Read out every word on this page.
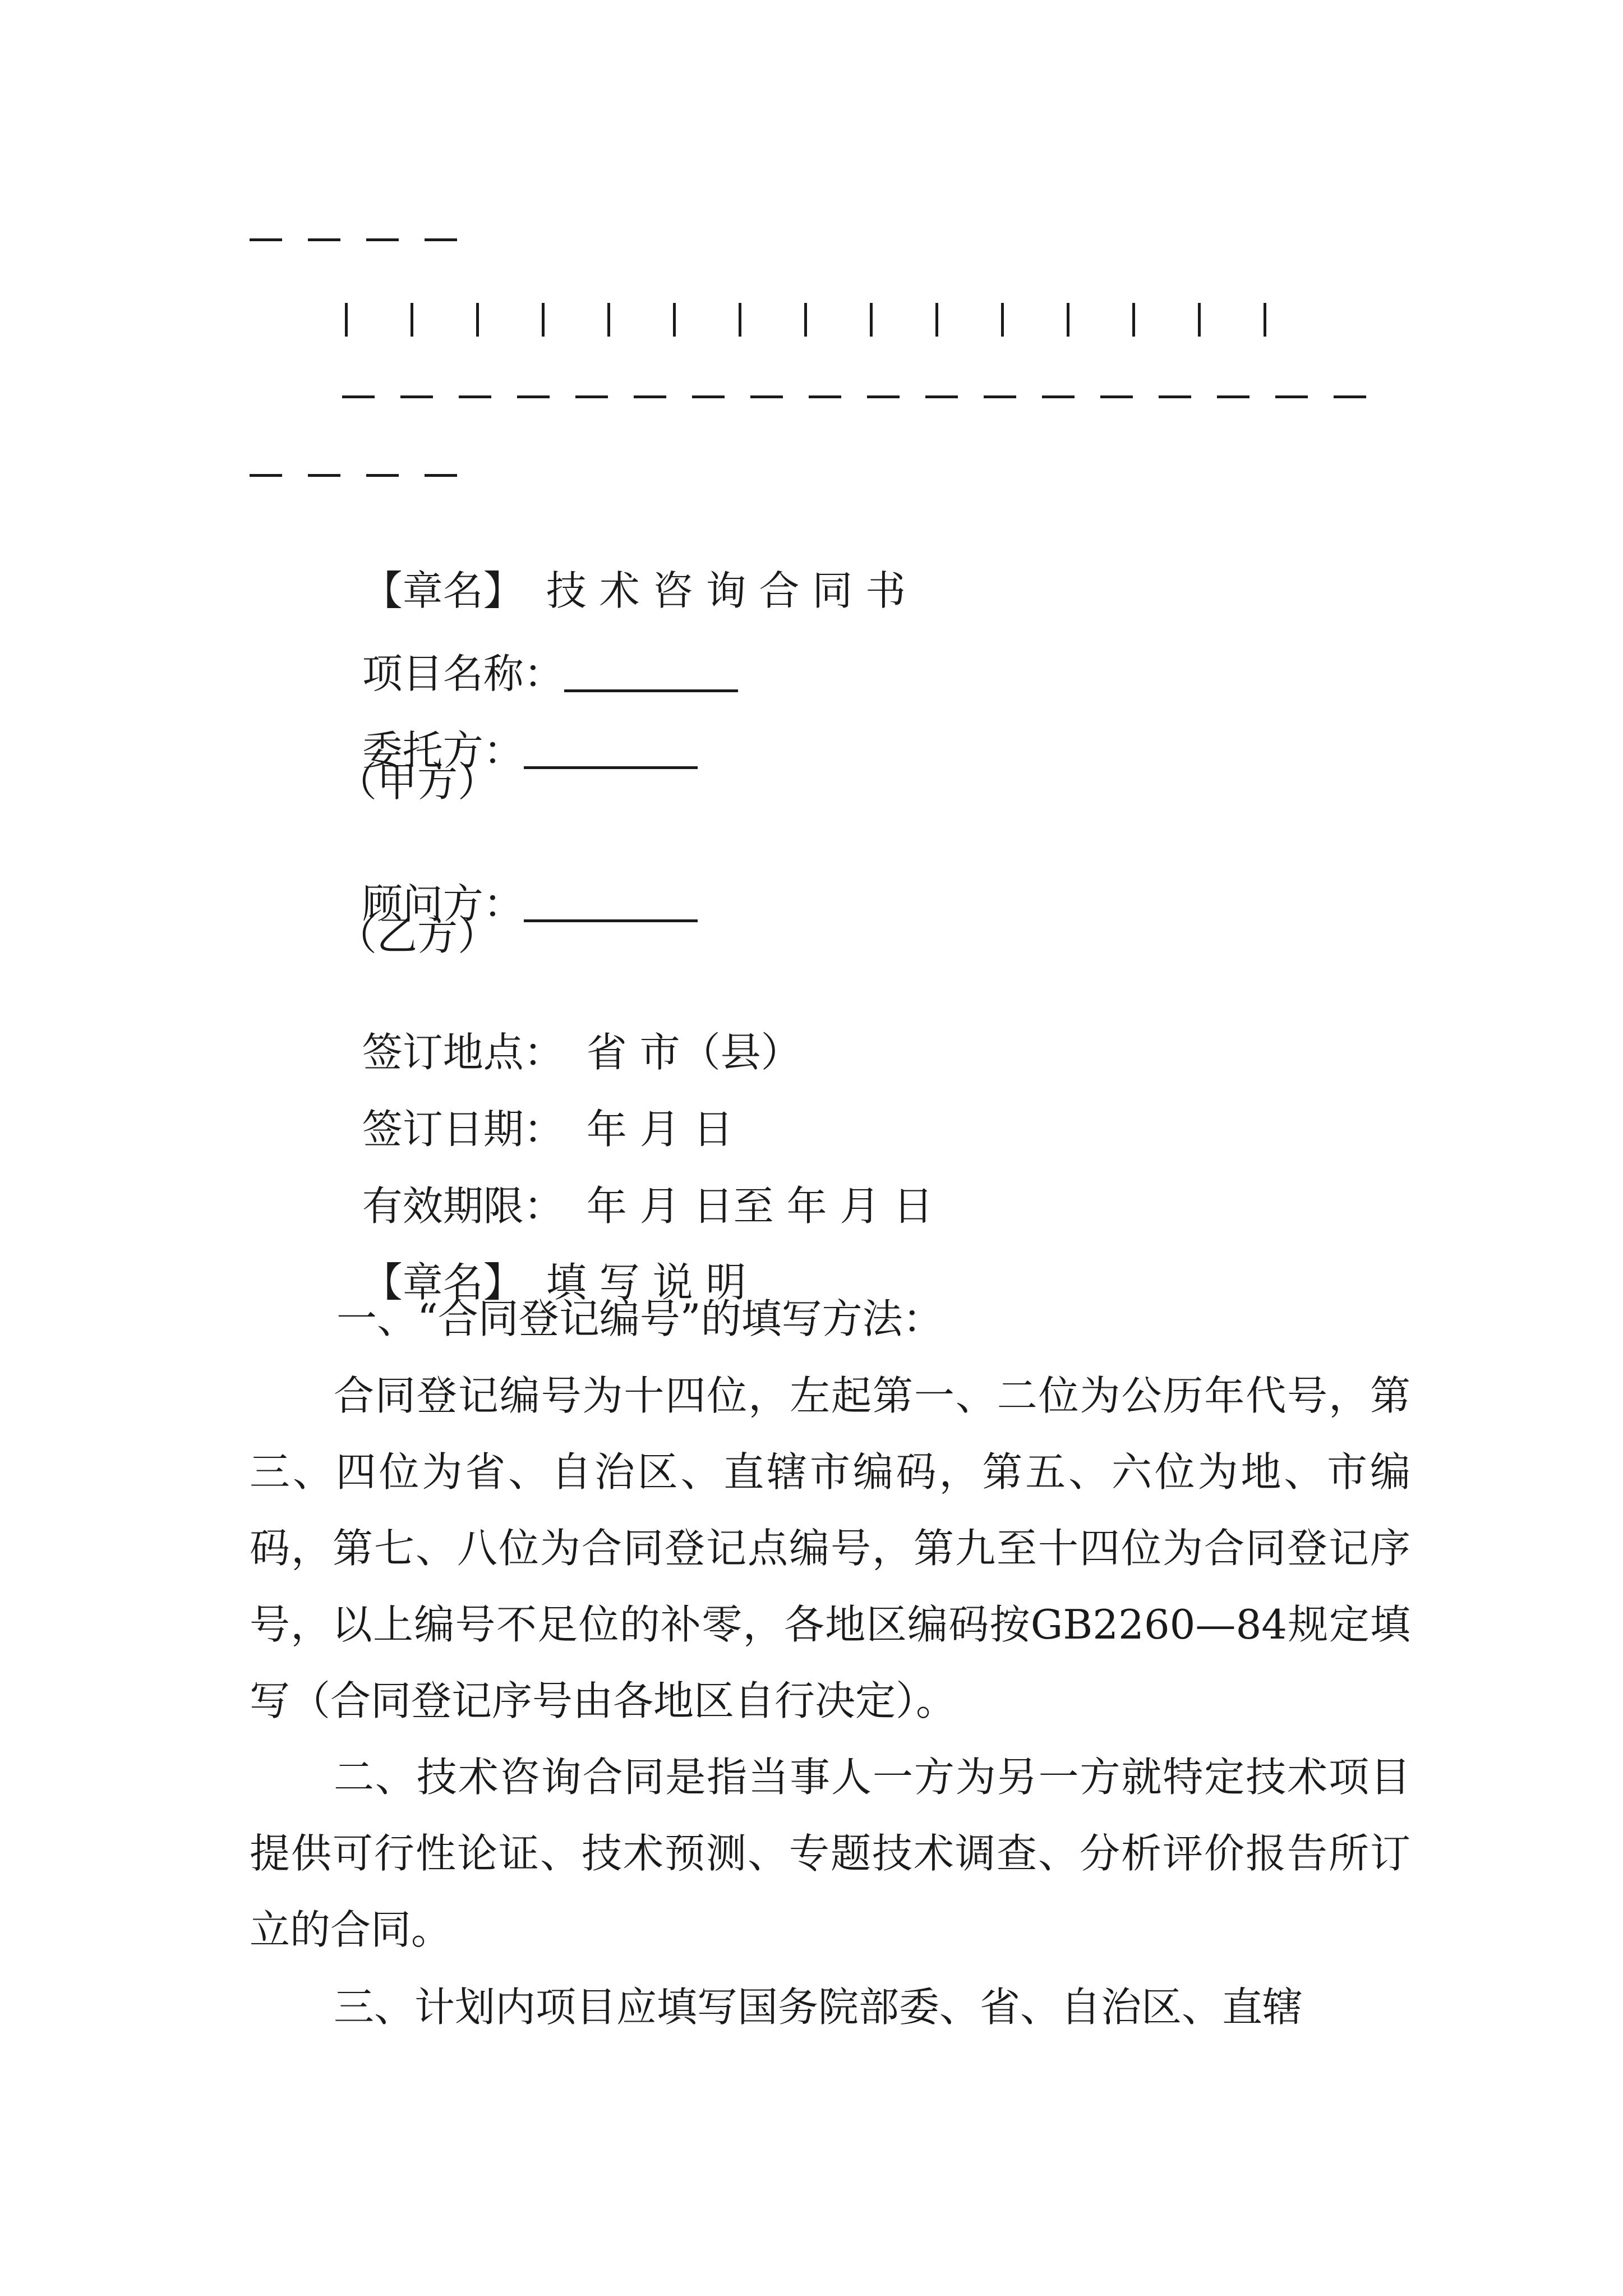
【章名】 技 术 咨 询 合 同 书

项目名称：

委托方：

（甲方）

顾问方：

（乙方）

签订地点： 省 市（县）

签订日期： 年 月 日

有效期限： 年 月 日至 年 月 日

【章名】 填 写 说 明

一、“合同登记编号”的填写方法：
合同登记编号为十四位，左起第一、二位为公历年代号，第三、四位为省、自治区、直辖市编码，第五、六位为地、市编码，第七、八位为合同登记点编号，第九至十四位为合同登记序号，以上编号不足位的补零，各地区编码按GB2260—84规定填写（合同登记序号由各地区自行决定）。
二、技术咨询合同是指当事人一方为另一方就特定技术项目提供可行性论证、技术预测、专题技术调查、分析评价报告所订立的合同。
三、计划内项目应填写国务院部委、省、自治区、直辖
